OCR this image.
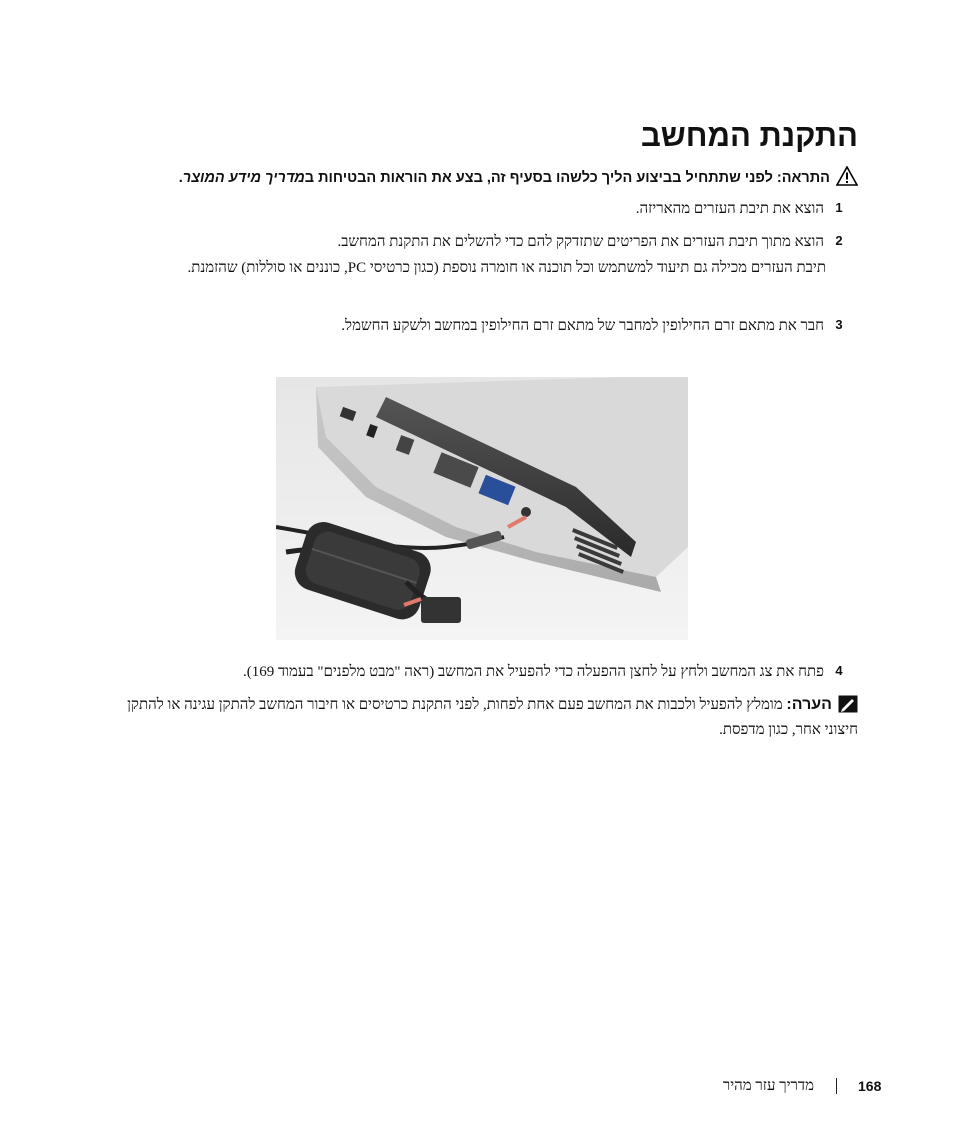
התקנת המחשב
התראה: לפני שתתחיל בביצוע הליך כלשהו בסעיף זה, בצע את הוראות הבטיחות במדריך מידע המוצר.
1
הוצא את תיבת העזרים מהאריזה.
2
הוצא מתוך תיבת העזרים את הפריטים שתזדקק להם כדי להשלים את התקנת המחשב.
תיבת העזרים מכילה גם תיעוד למשתמש וכל תוכנה או חומרה נוספת (כגון כרטיסי PC, כוננים או סוללות) שהזמנת.
3
חבר את מתאם זרם החילופין למחבר של מתאם זרם החילופין במחשב ולשקע החשמל.
4
פתח את צג המחשב ולחץ על לחצן ההפעלה כדי להפעיל את המחשב (ראה "מבט מלפנים" בעמוד 169).
הערה: מומלץ להפעיל ולכבות את המחשב פעם אחת לפחות, לפני התקנת כרטיסים או חיבור המחשב להתקן עגינה או להתקן חיצוני אחר, כגון מדפסת.
168
מדריך עזר מהיר
